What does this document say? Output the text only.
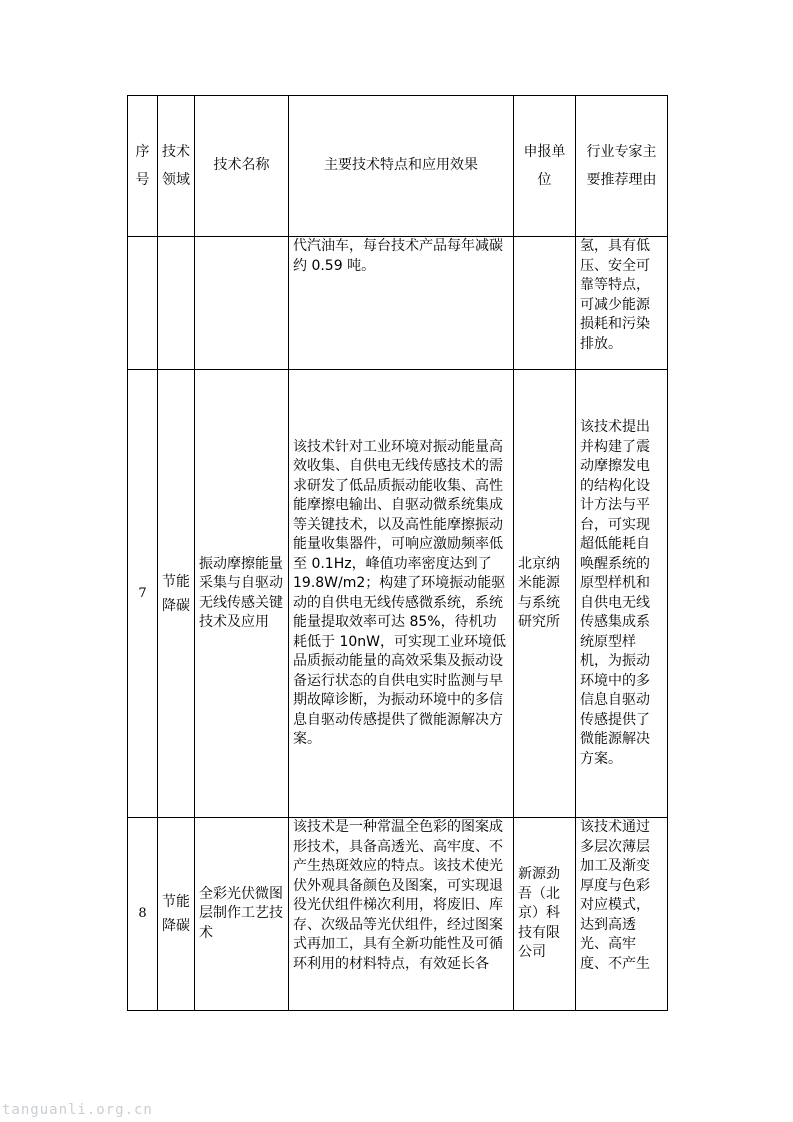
序号	技术领域	技术名称	主要技术特点和应用效果	申报单位	行业专家主要推荐理由

			代汽油车，每台技术产品每年减碳约 0.59 吨。		氢，具有低压、安全可靠等特点，可减少能源损耗和污染排放。
7	节能降碳	振动摩擦能量采集与自驱动无线传感关键技术及应用	该技术针对工业环境对振动能量高效收集、自供电无线传感技术的需求研发了低品质振动能收集、高性能摩擦电输出、自驱动微系统集成等关键技术，以及高性能摩擦振动能量收集器件，可响应激励频率低至 0.1Hz，峰值功率密度达到了 19.8W/m2；构建了环境振动能驱动的自供电无线传感微系统，系统能量提取效率可达 85%，待机功耗低于 10nW，可实现工业环境低品质振动能量的高效采集及振动设备运行状态的自供电实时监测与早期故障诊断，为振动环境中的多信息自驱动传感提供了微能源解决方案。	北京纳米能源与系统研究所	该技术提出并构建了震动摩擦发电的结构化设计方法与平台，可实现超低能耗自唤醒系统的原型样机和自供电无线传感集成系统原型样机，为振动环境中的多信息自驱动传感提供了微能源解决方案。
8	节能降碳	全彩光伏微图层制作工艺技术	该技术是一种常温全色彩的图案成形技术，具备高透光、高牢度、不产生热斑效应的特点。该技术使光伏外观具备颜色及图案，可实现退役光伏组件梯次利用，将废旧、库存、次级品等光伏组件，经过图案式再加工，具有全新功能性及可循环利用的材料特点，有效延长各	新源劲吾（北京）科技有限公司	该技术通过多层次薄层加工及渐变厚度与色彩对应模式，达到高透光、高牢度、不产生
tanguanli.org.cn
